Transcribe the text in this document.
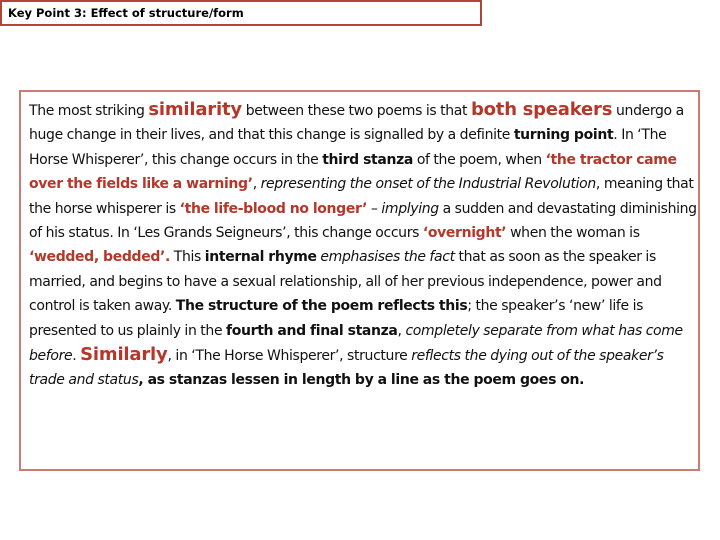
Key Point 3: Effect of structure/form

The most striking similarity between these two poems is that both speakers undergo a huge change in their lives, and that this change is signalled by a definite turning point. In ‘The Horse Whisperer’, this change occurs in the third stanza of the poem, when ‘the tractor came over the fields like a warning’, representing the onset of the Industrial Revolution, meaning that the horse whisperer is ‘the life-blood no longer’ – implying a sudden and devastating diminishing of his status. In ‘Les Grands Seigneurs’, this change occurs ‘overnight’ when the woman is ‘wedded, bedded’. This internal rhyme emphasises the fact that as soon as the speaker is married, and begins to have a sexual relationship, all of her previous independence, power and control is taken away. The structure of the poem reflects this; the speaker’s ‘new’ life is presented to us plainly in the fourth and final stanza, completely separate from what has come before. Similarly, in ‘The Horse Whisperer’, structure reflects the dying out of the speaker’s trade and status, as stanzas lessen in length by a line as the poem goes on.
